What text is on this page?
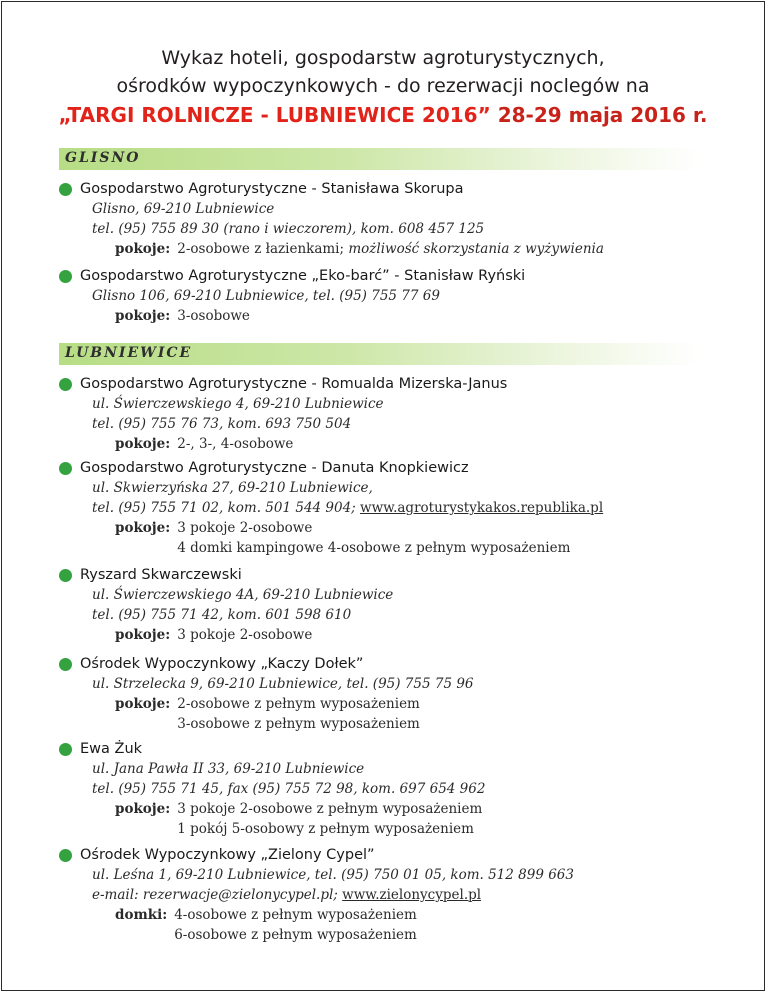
Wykaz hoteli, gospodarstw agroturystycznych,
ośrodków wypoczynkowych - do rezerwacji noclegów na
„TARGI ROLNICZE - LUBNIEWICE 2016” 28-29 maja 2016 r.
GLISNO
Gospodarstwo Agroturystyczne - Stanisława Skorupa
Glisno, 69-210 Lubniewice
tel. (95) 755 89 30 (rano i wieczorem), kom. 608 457 125
pokoje: 2-osobowe z łazienkami; możliwość skorzystania z wyżywienia
Gospodarstwo Agroturystyczne „Eko-barć” - Stanisław Ryński
Glisno 106, 69-210 Lubniewice, tel. (95) 755 77 69
pokoje: 3-osobowe
LUBNIEWICE
Gospodarstwo Agroturystyczne - Romualda Mizerska-Janus
ul. Świerczewskiego 4, 69-210 Lubniewice
tel. (95) 755 76 73, kom. 693 750 504
pokoje: 2-, 3-, 4-osobowe
Gospodarstwo Agroturystyczne - Danuta Knopkiewicz
ul. Skwierzyńska 27, 69-210 Lubniewice,
tel. (95) 755 71 02, kom. 501 544 904; www.agroturystykakos.republika.pl
pokoje: 3 pokoje 2-osobowe
4 domki kampingowe 4-osobowe z pełnym wyposażeniem
Ryszard Skwarczewski
ul. Świerczewskiego 4A, 69-210 Lubniewice
tel. (95) 755 71 42, kom. 601 598 610
pokoje: 3 pokoje 2-osobowe
Ośrodek Wypoczynkowy „Kaczy Dołek”
ul. Strzelecka 9, 69-210 Lubniewice, tel. (95) 755 75 96
pokoje: 2-osobowe z pełnym wyposażeniem
3-osobowe z pełnym wyposażeniem
Ewa Żuk
ul. Jana Pawła II 33, 69-210 Lubniewice
tel. (95) 755 71 45, fax (95) 755 72 98, kom. 697 654 962
pokoje: 3 pokoje 2-osobowe z pełnym wyposażeniem
1 pokój 5-osobowy z pełnym wyposażeniem
Ośrodek Wypoczynkowy „Zielony Cypel”
ul. Leśna 1, 69-210 Lubniewice, tel. (95) 750 01 05, kom. 512 899 663
e-mail: rezerwacje@zielonycypel.pl; www.zielonycypel.pl
domki: 4-osobowe z pełnym wyposażeniem
6-osobowe z pełnym wyposażeniem
